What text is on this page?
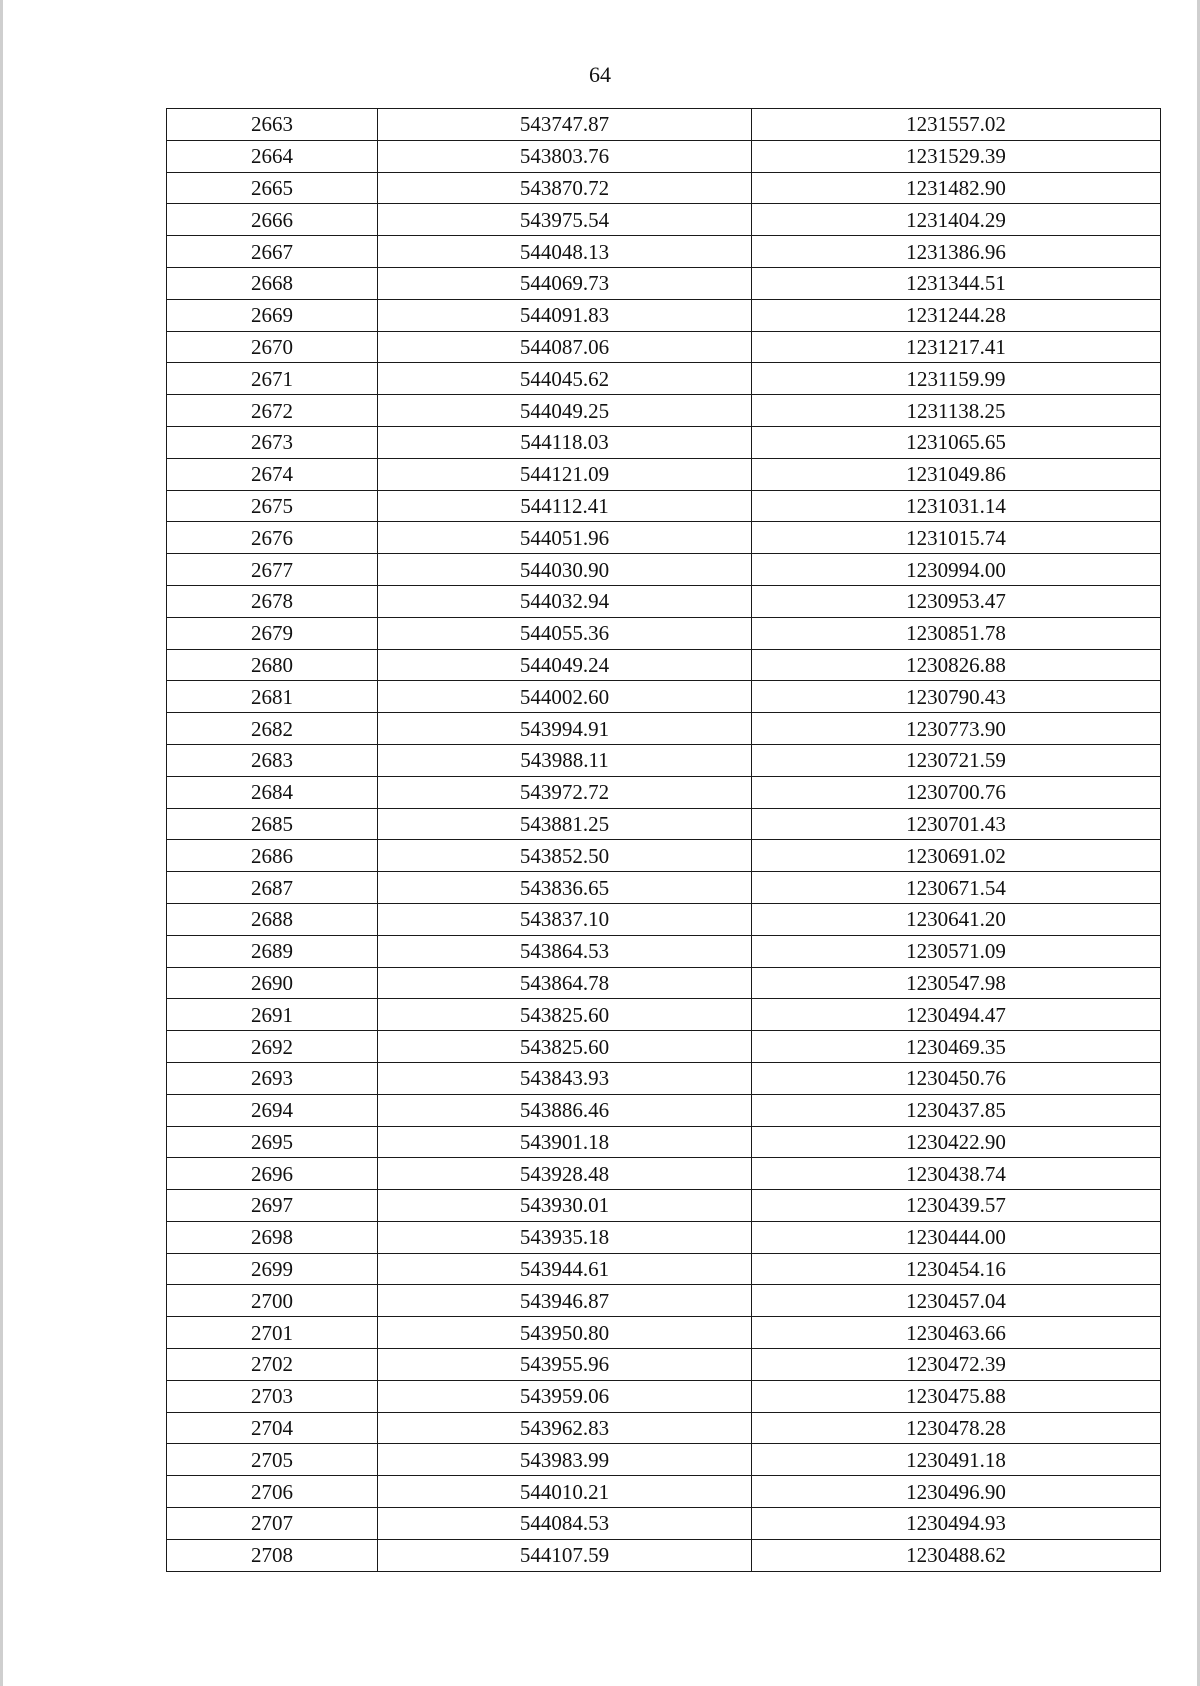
64
2663	543747.87	1231557.02
2664	543803.76	1231529.39
2665	543870.72	1231482.90
2666	543975.54	1231404.29
2667	544048.13	1231386.96
2668	544069.73	1231344.51
2669	544091.83	1231244.28
2670	544087.06	1231217.41
2671	544045.62	1231159.99
2672	544049.25	1231138.25
2673	544118.03	1231065.65
2674	544121.09	1231049.86
2675	544112.41	1231031.14
2676	544051.96	1231015.74
2677	544030.90	1230994.00
2678	544032.94	1230953.47
2679	544055.36	1230851.78
2680	544049.24	1230826.88
2681	544002.60	1230790.43
2682	543994.91	1230773.90
2683	543988.11	1230721.59
2684	543972.72	1230700.76
2685	543881.25	1230701.43
2686	543852.50	1230691.02
2687	543836.65	1230671.54
2688	543837.10	1230641.20
2689	543864.53	1230571.09
2690	543864.78	1230547.98
2691	543825.60	1230494.47
2692	543825.60	1230469.35
2693	543843.93	1230450.76
2694	543886.46	1230437.85
2695	543901.18	1230422.90
2696	543928.48	1230438.74
2697	543930.01	1230439.57
2698	543935.18	1230444.00
2699	543944.61	1230454.16
2700	543946.87	1230457.04
2701	543950.80	1230463.66
2702	543955.96	1230472.39
2703	543959.06	1230475.88
2704	543962.83	1230478.28
2705	543983.99	1230491.18
2706	544010.21	1230496.90
2707	544084.53	1230494.93
2708	544107.59	1230488.62
